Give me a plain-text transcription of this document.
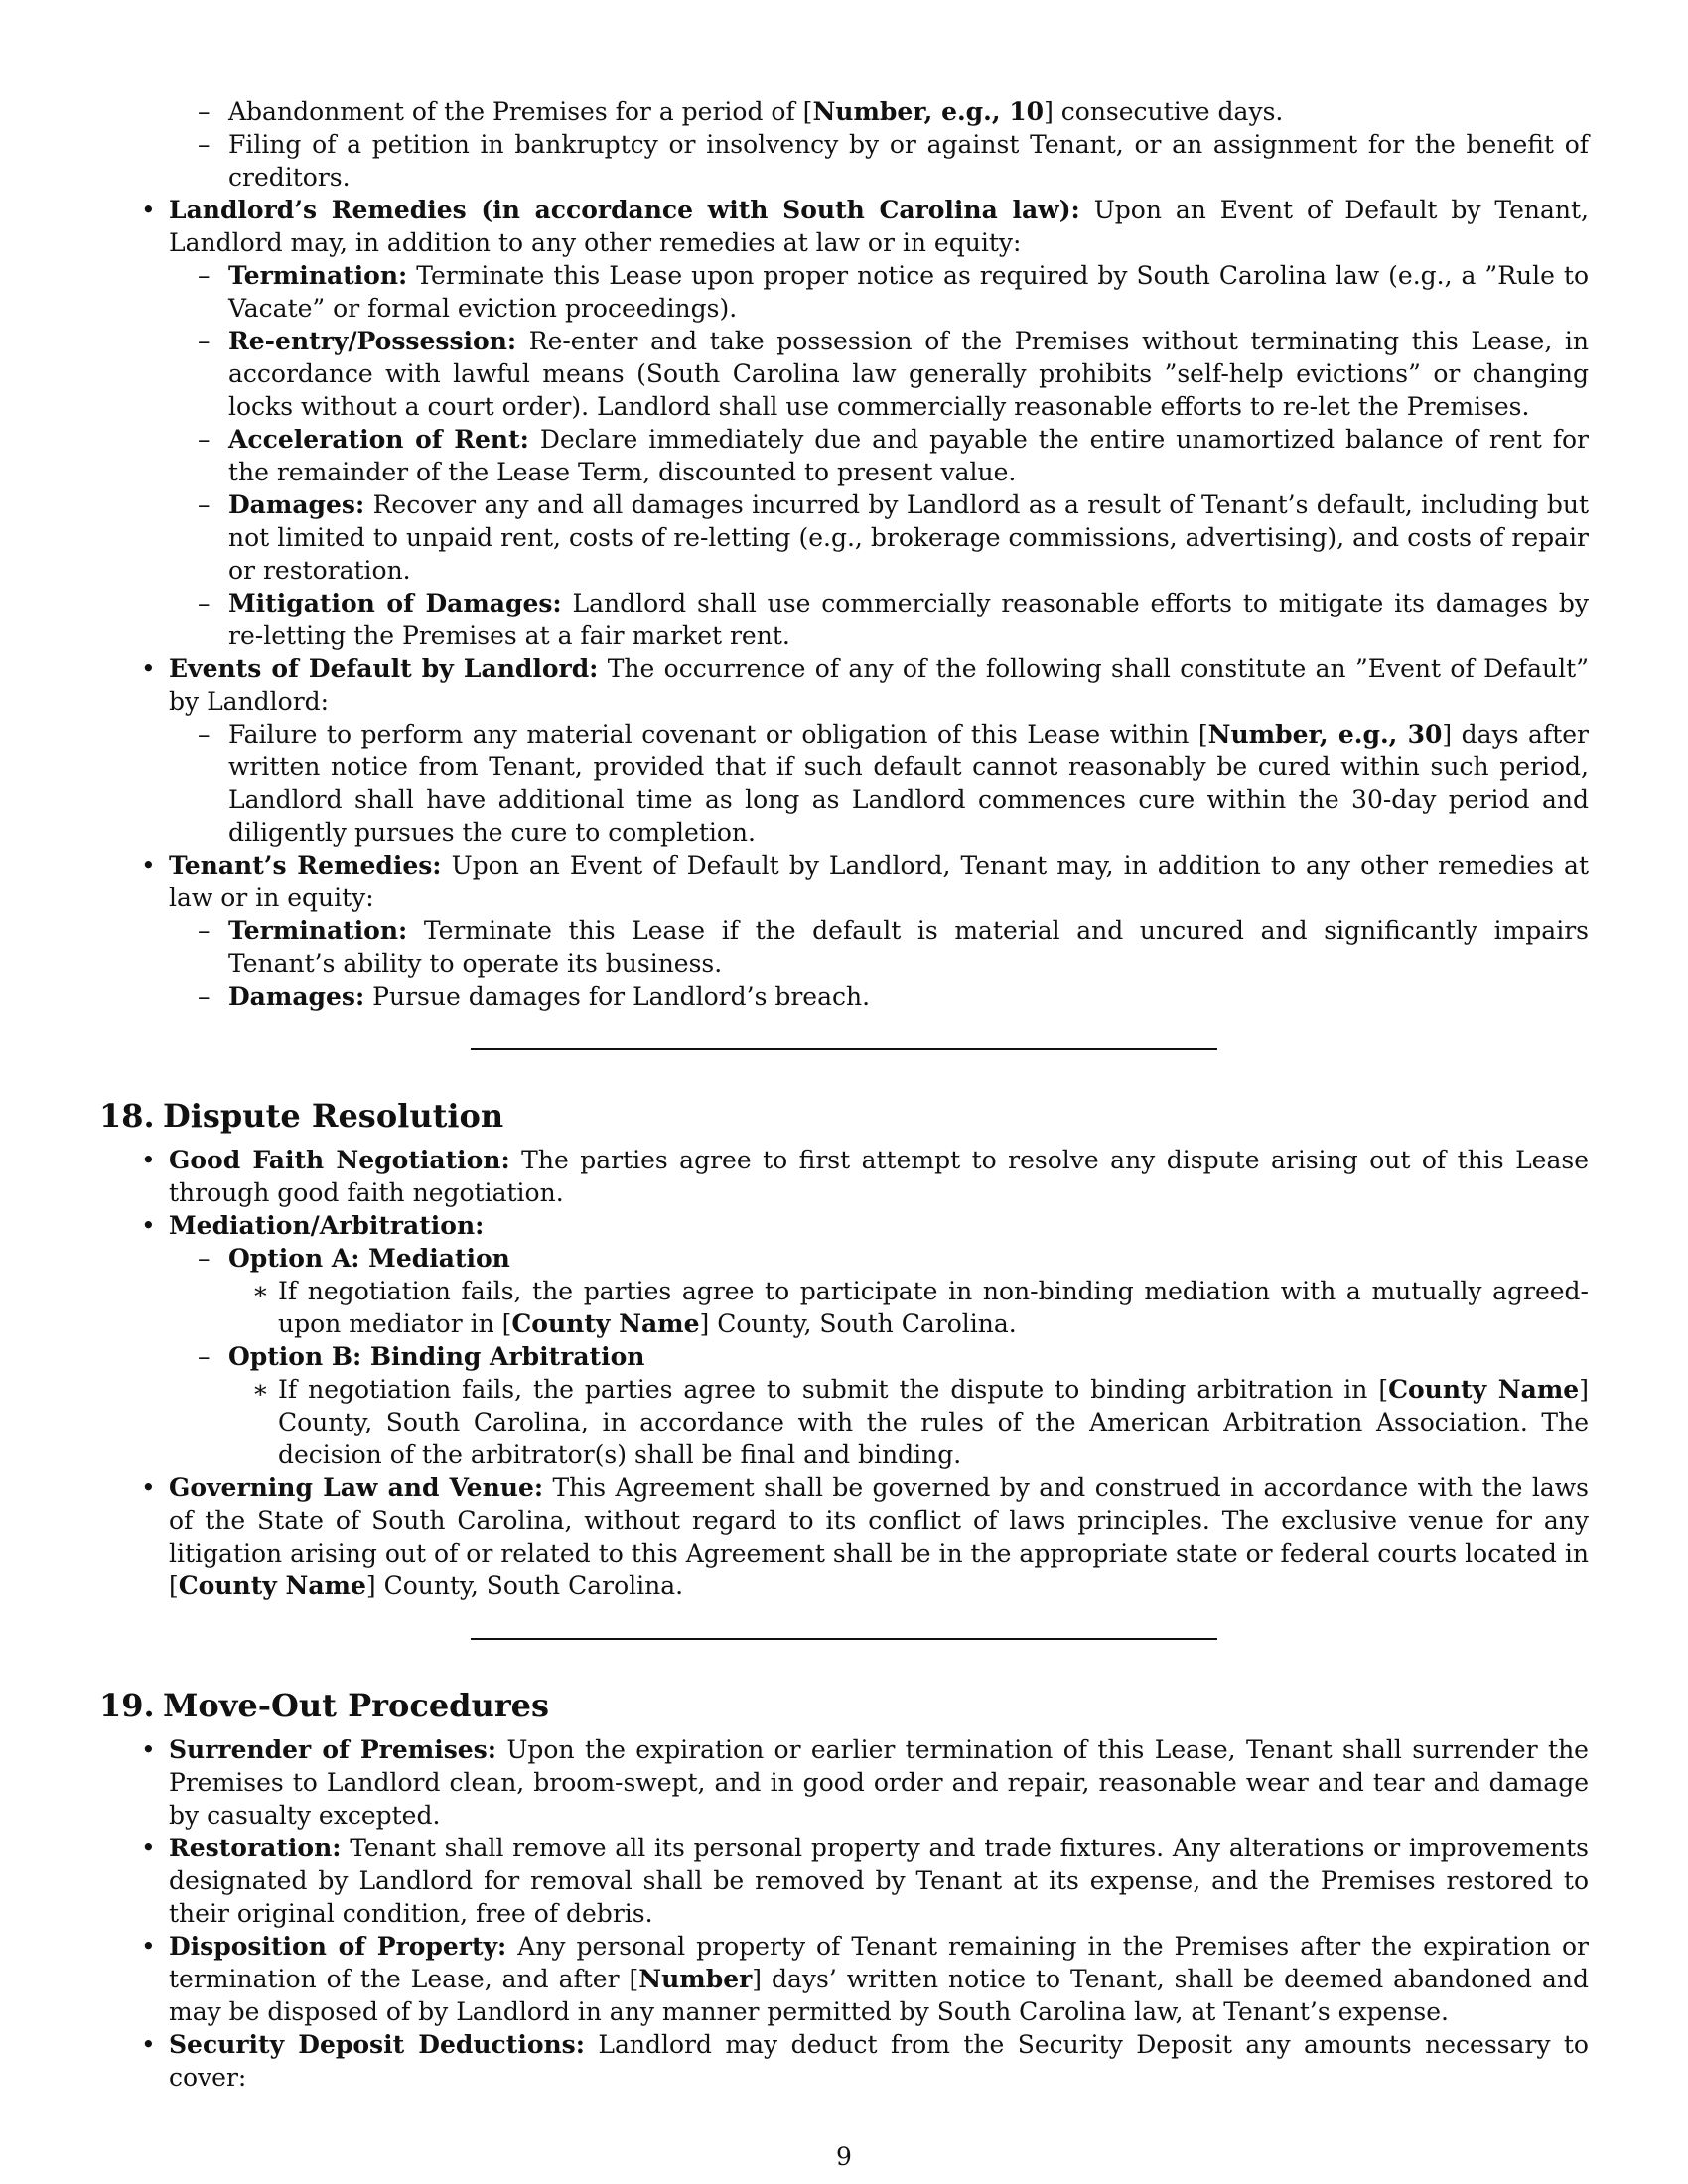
– Abandonment of the Premises for a period of [Number, e.g., 10] consecutive days.
– Filing of a petition in bankruptcy or insolvency by or against Tenant, or an assignment for the benefit of creditors.
• Landlord’s Remedies (in accordance with South Carolina law): Upon an Event of Default by Tenant, Landlord may, in addition to any other remedies at law or in equity:
– Termination: Terminate this Lease upon proper notice as required by South Carolina law (e.g., a ”Rule to Vacate” or formal eviction proceedings).
– Re-entry/Possession: Re-enter and take possession of the Premises without terminating this Lease, in accordance with lawful means (South Carolina law generally prohibits ”self-help evictions” or changing locks without a court order). Landlord shall use commercially reasonable efforts to re-let the Premises.
– Acceleration of Rent: Declare immediately due and payable the entire unamortized balance of rent for the remainder of the Lease Term, discounted to present value.
– Damages: Recover any and all damages incurred by Landlord as a result of Tenant’s default, including but not limited to unpaid rent, costs of re-letting (e.g., brokerage commissions, advertising), and costs of repair or restoration.
– Mitigation of Damages: Landlord shall use commercially reasonable efforts to mitigate its damages by re-letting the Premises at a fair market rent.
• Events of Default by Landlord: The occurrence of any of the following shall constitute an ”Event of Default” by Landlord:
– Failure to perform any material covenant or obligation of this Lease within [Number, e.g., 30] days after written notice from Tenant, provided that if such default cannot reasonably be cured within such period, Landlord shall have additional time as long as Landlord commences cure within the 30-day period and diligently pursues the cure to completion.
• Tenant’s Remedies: Upon an Event of Default by Landlord, Tenant may, in addition to any other remedies at law or in equity:
– Termination: Terminate this Lease if the default is material and uncured and significantly impairs Tenant’s ability to operate its business.
– Damages: Pursue damages for Landlord’s breach.
18. Dispute Resolution
• Good Faith Negotiation: The parties agree to first attempt to resolve any dispute arising out of this Lease through good faith negotiation.
• Mediation/Arbitration:
– Option A: Mediation
∗ If negotiation fails, the parties agree to participate in non-binding mediation with a mutually agreed-upon mediator in [County Name] County, South Carolina.
– Option B: Binding Arbitration
∗ If negotiation fails, the parties agree to submit the dispute to binding arbitration in [County Name] County, South Carolina, in accordance with the rules of the American Arbitration Association. The decision of the arbitrator(s) shall be final and binding.
• Governing Law and Venue: This Agreement shall be governed by and construed in accordance with the laws of the State of South Carolina, without regard to its conflict of laws principles. The exclusive venue for any litigation arising out of or related to this Agreement shall be in the appropriate state or federal courts located in [County Name] County, South Carolina.
19. Move-Out Procedures
• Surrender of Premises: Upon the expiration or earlier termination of this Lease, Tenant shall surrender the Premises to Landlord clean, broom-swept, and in good order and repair, reasonable wear and tear and damage by casualty excepted.
• Restoration: Tenant shall remove all its personal property and trade fixtures. Any alterations or improvements designated by Landlord for removal shall be removed by Tenant at its expense, and the Premises restored to their original condition, free of debris.
• Disposition of Property: Any personal property of Tenant remaining in the Premises after the expiration or termination of the Lease, and after [Number] days’ written notice to Tenant, shall be deemed abandoned and may be disposed of by Landlord in any manner permitted by South Carolina law, at Tenant’s expense.
• Security Deposit Deductions: Landlord may deduct from the Security Deposit any amounts necessary to cover:
9
